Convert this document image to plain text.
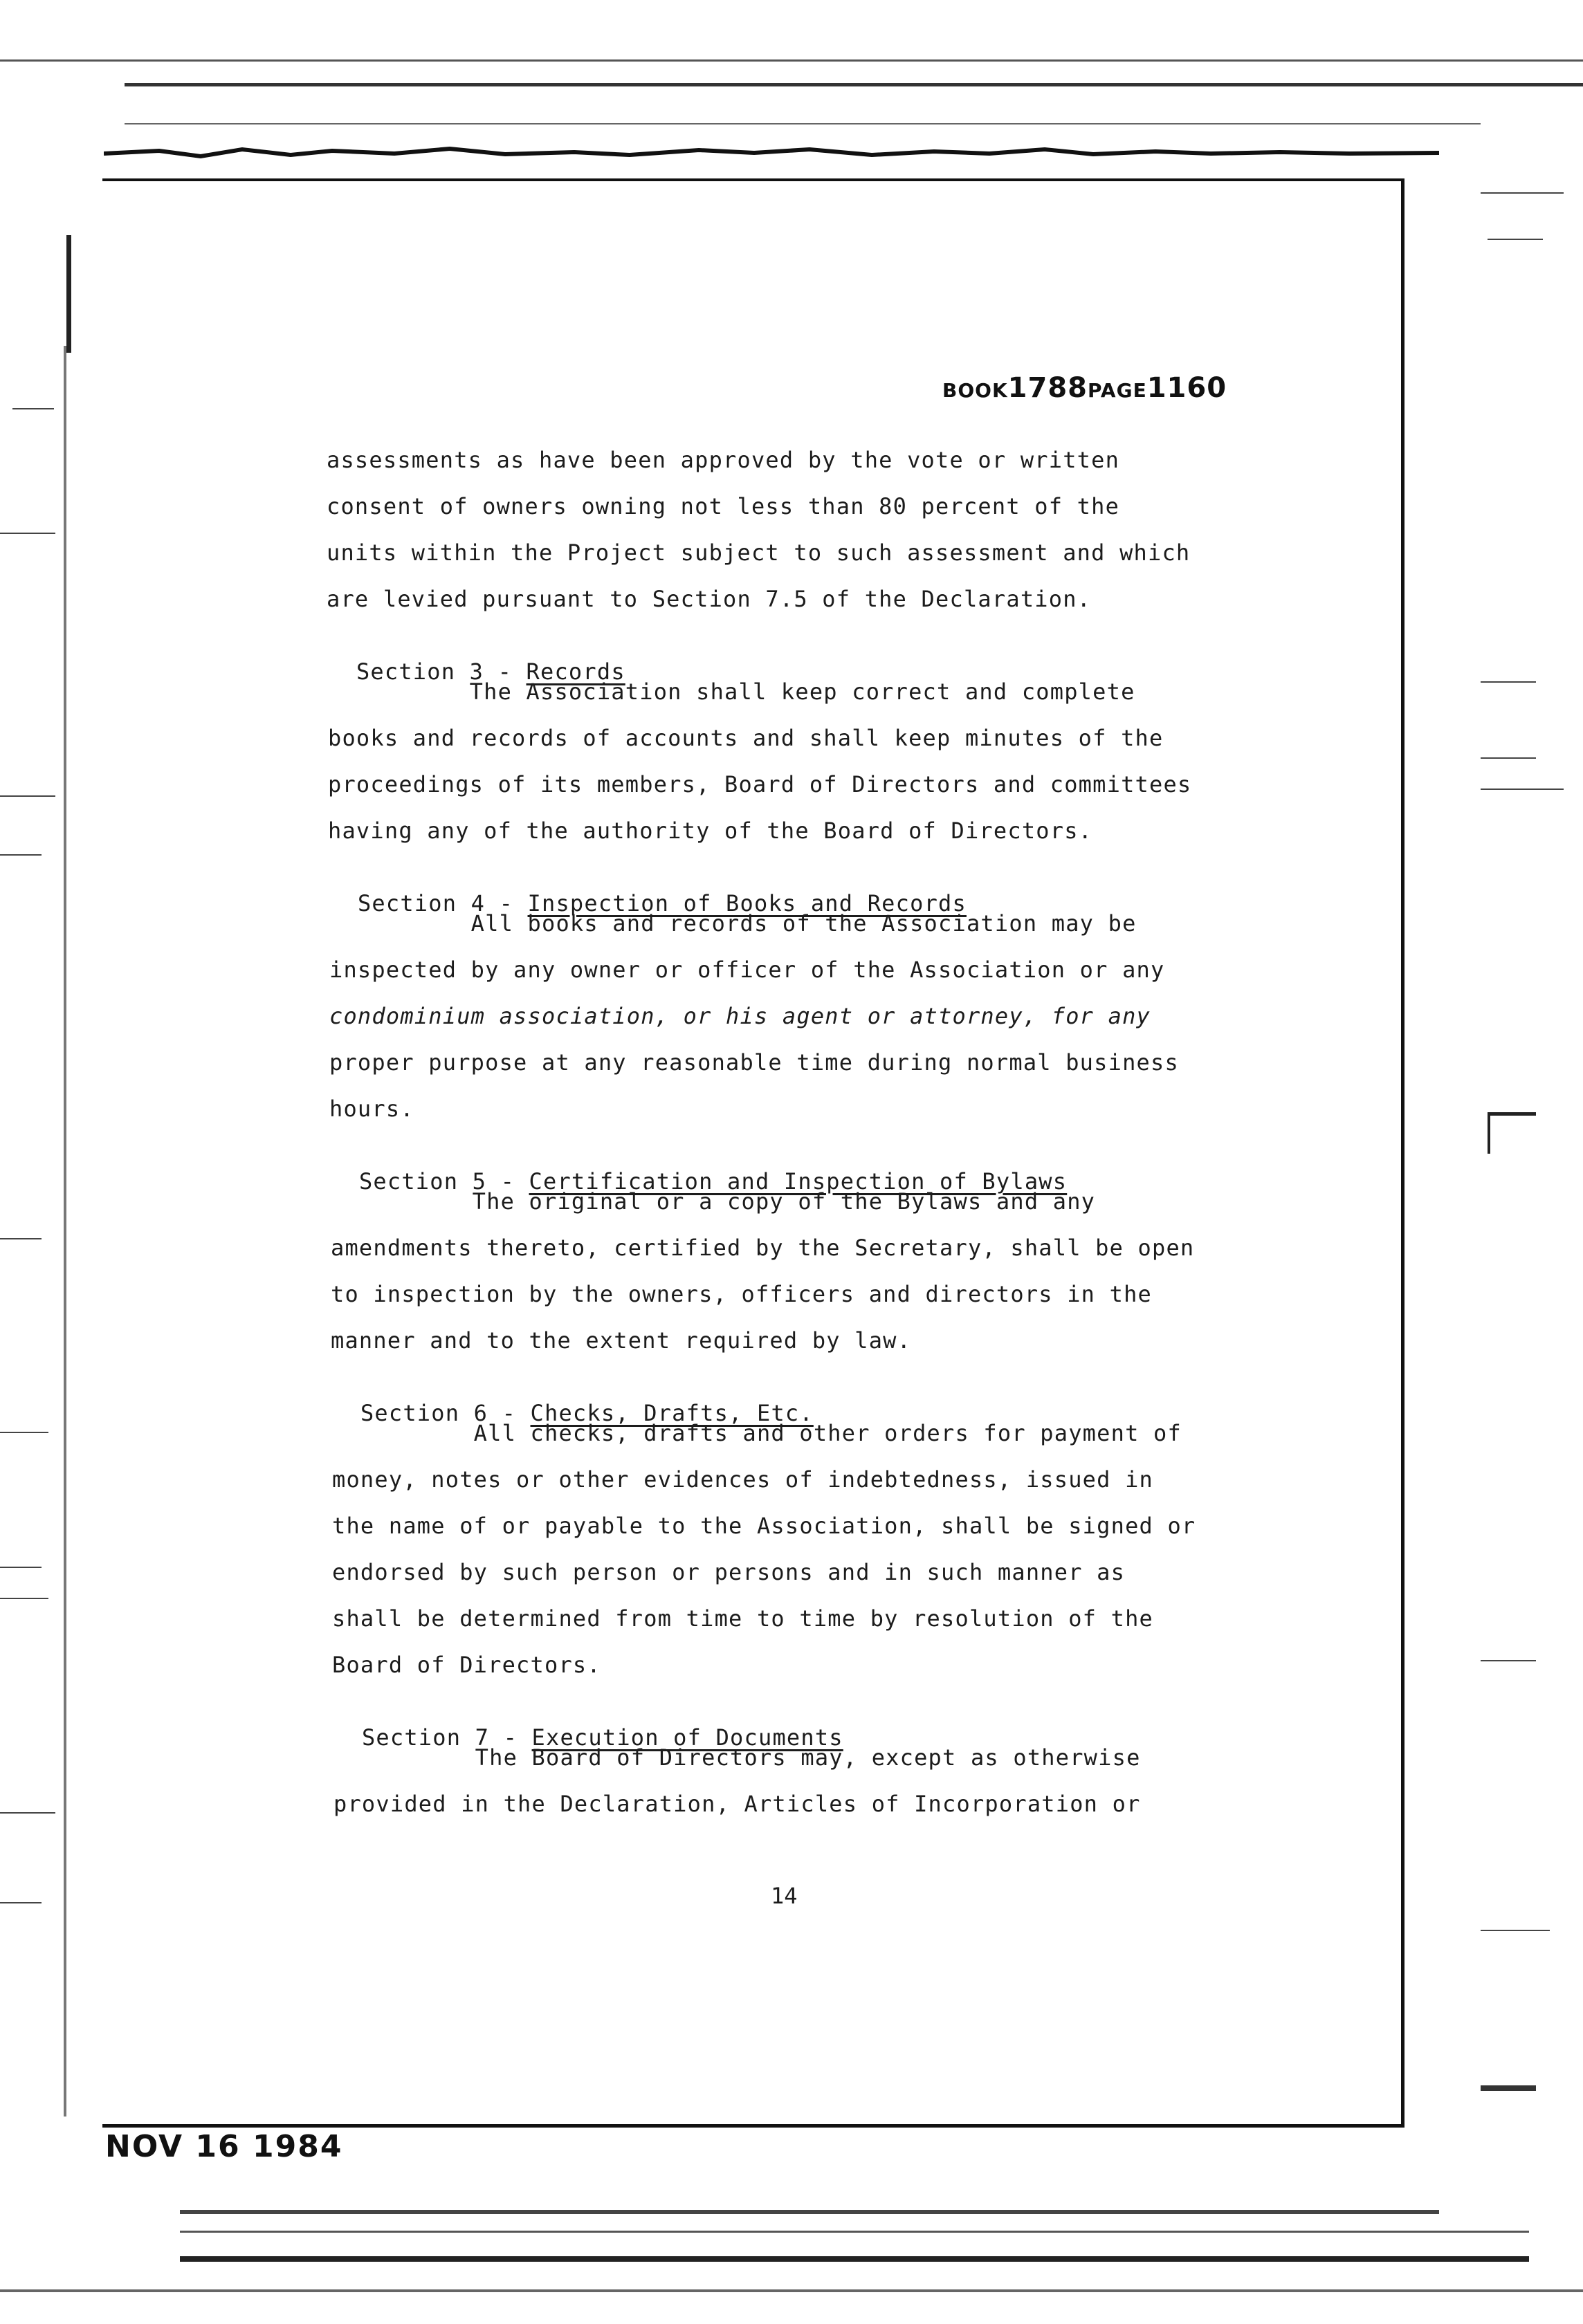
BOOK1788PAGE1160
assessments as have been approved by the vote or written
consent of owners owning not less than 80 percent of the
units within the Project subject to such assessment and which
are levied pursuant to Section 7.5 of the Declaration.

Section 3 - Records

The Association shall keep correct and complete
books and records of accounts and shall keep minutes of the
proceedings of its members, Board of Directors and committees
having any of the authority of the Board of Directors.

Section 4 - Inspection of Books and Records

All books and records of the Association may be
inspected by any owner or officer of the Association or any
condominium association, or his agent or attorney, for any
proper purpose at any reasonable time during normal business
hours.

Section 5 - Certification and Inspection of Bylaws

The original or a copy of the Bylaws and any
amendments thereto, certified by the Secretary, shall be open
to inspection by the owners, officers and directors in the
manner and to the extent required by law.

Section 6 - Checks, Drafts, Etc.

All checks, drafts and other orders for payment of
money, notes or other evidences of indebtedness, issued in
the name of or payable to the Association, shall be signed or
endorsed by such person or persons and in such manner as
shall be determined from time to time by resolution of the
Board of Directors.

Section 7 - Execution of Documents

The Board of Directors may, except as otherwise
provided in the Declaration, Articles of Incorporation or
14
NOV 16 1984
